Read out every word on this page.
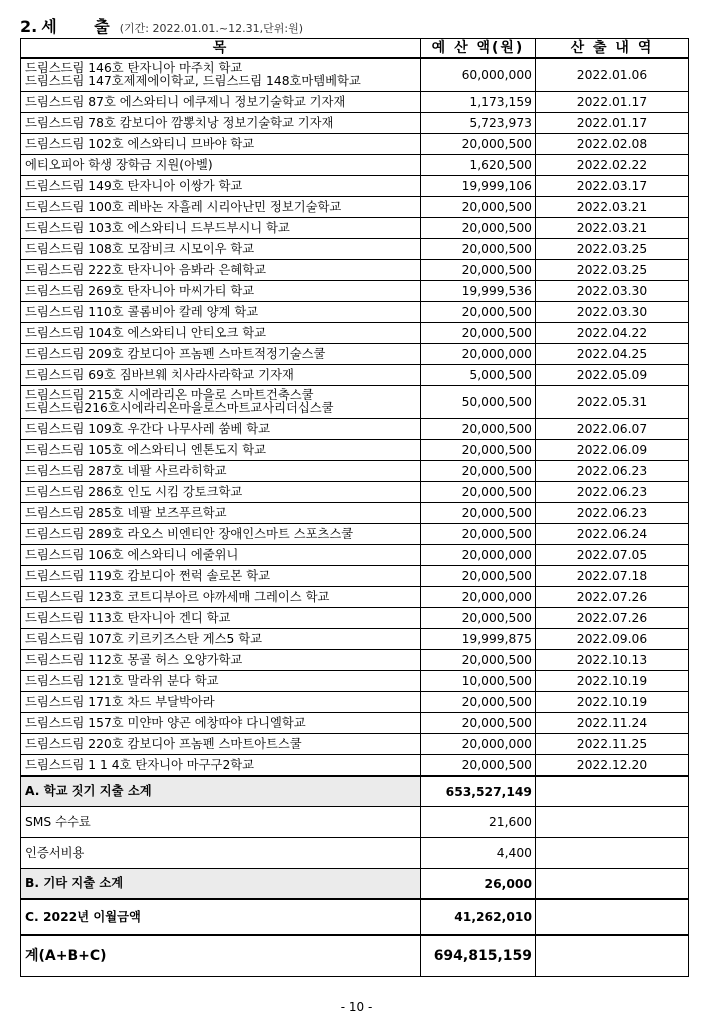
2. 세 출
(기간: 2022.01.01.~12.31,단위:원)
목	예 산 액(원)	산 출 내 역

드림스드림 146호 탄자니아 마주치 학교
드림스드림 147호제제에이학교, 드림스드림 148호마템베학교	60,000,000	2022.01.06

드림스드림 87호 에스와티니 에쿠제니 정보기술학교 기자재	1,173,159	2022.01.17

드림스드림 78호 캄보디아 깜뽕치낭 정보기술학교 기자재	5,723,973	2022.01.17

드림스드림 102호 에스와티니 므바야 학교	20,000,500	2022.02.08

에티오피아 학생 장학금 지원(아벨)	1,620,500	2022.02.22

드림스드림 149호 탄자니아 이쌍가 학교	19,999,106	2022.03.17

드림스드림 100호 레바논 자흘레 시리아난민 정보기술학교	20,000,500	2022.03.21

드림스드림 103호 에스와티니 드부드부시니 학교	20,000,500	2022.03.21

드림스드림 108호 모잠비크 시모이우 학교	20,000,500	2022.03.25

드림스드림 222호 탄자니아 음봐라 은혜학교	20,000,500	2022.03.25

드림스드림 269호 탄자니아 마씨가티 학교	19,999,536	2022.03.30

드림스드림 110호 콜롬비아 칼레 양계 학교	20,000,500	2022.03.30

드림스드림 104호 에스와티니 안티오크 학교	20,000,500	2022.04.22

드림스드림 209호 캄보디아 프놈펜 스마트적정기술스쿨	20,000,000	2022.04.25

드림스드림 69호 짐바브웨 치사라사라학교 기자재	5,000,500	2022.05.09

드림스드림 215호 시에라리온 마을로 스마트건축스쿨
드림스드림216호시에라리온마을로스마트교사리더십스쿨	50,000,500	2022.05.31

드림스드림 109호 우간다 나무사레 쑴베 학교	20,000,500	2022.06.07

드림스드림 105호 에스와티니 엔톤도지 학교	20,000,500	2022.06.09

드림스드림 287호 네팔 사르라히학교	20,000,500	2022.06.23

드림스드림 286호 인도 시킴 강토크학교	20,000,500	2022.06.23

드림스드림 285호 네팔 보즈푸르학교	20,000,500	2022.06.23

드림스드림 289호 라오스 비엔티안 장애인스마트 스포츠스쿨	20,000,500	2022.06.24

드림스드림 106호 에스와티니 에줄위니	20,000,000	2022.07.05

드림스드림 119호 캄보디아 쩐럭 솔로몬 학교	20,000,500	2022.07.18

드림스드림 123호 코트디부아르 야까세매 그레이스 학교	20,000,000	2022.07.26

드림스드림 113호 탄자니아 겐디 학교	20,000,500	2022.07.26

드림스드림 107호 키르키즈스탄 게스5 학교	19,999,875	2022.09.06

드림스드림 112호 몽골 허스 오양가학교	20,000,500	2022.10.13

드림스드림 121호 말라위 분다 학교	10,000,500	2022.10.19

드림스드림 171호 차드 부달박아라	20,000,500	2022.10.19

드림스드림 157호 미얀마 양곤 에창따야 다니엘학교	20,000,500	2022.11.24

드림스드림 220호 캄보디아 프놈펜 스마트아트스쿨	20,000,000	2022.11.25

드림스드림 1 1 4호 탄자니아 마구구2학교	20,000,500	2022.12.20
A. 학교 짓기 지출 소계	653,527,149	
SMS 수수료	21,600	
인증서비용	4,400	
B. 기타 지출 소계	26,000	
C. 2022년 이월금액	41,262,010	
계(A+B+C)	694,815,159	
- 10 -
